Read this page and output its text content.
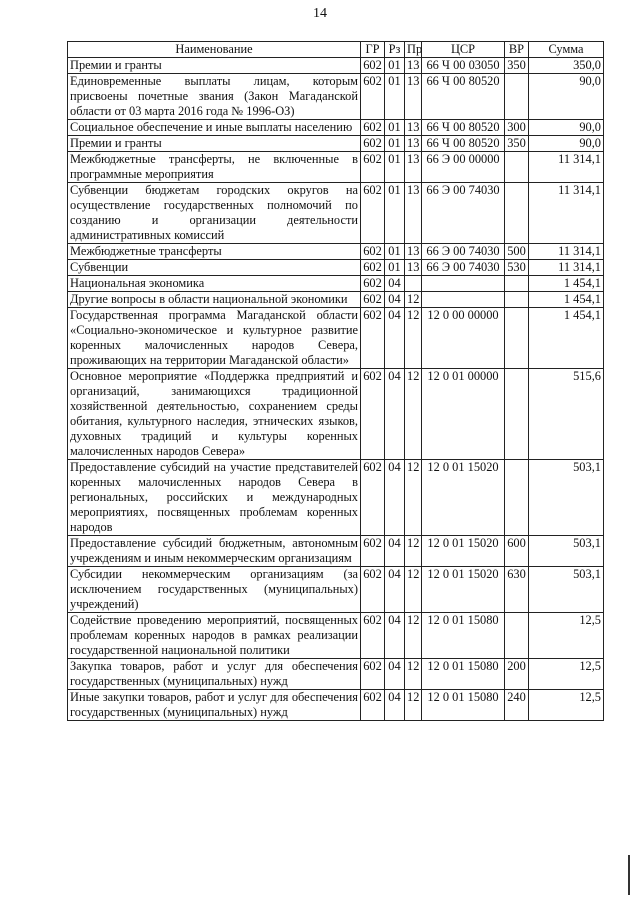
14
Наименование	ГР	Рз	Пр	ЦСР	ВР	Сумма
Премии и гранты	602	01	13	66 Ч 00 03050	350	350,0
Единовременные выплаты лицам, которым присвоены почетные звания (Закон Магаданской области от 03 марта 2016 года № 1996-ОЗ)	602	01	13	66 Ч 00 80520		90,0
Социальное обеспечение и иные выплаты населению	602	01	13	66 Ч 00 80520	300	90,0
Премии и гранты	602	01	13	66 Ч 00 80520	350	90,0
Межбюджетные трансферты, не включенные в программные мероприятия	602	01	13	66 Э 00 00000		11 314,1
Субвенции бюджетам городских округов на осуществление государственных полномочий по созданию и организации деятельности административных комиссий	602	01	13	66 Э 00 74030		11 314,1
Межбюджетные трансферты	602	01	13	66 Э 00 74030	500	11 314,1
Субвенции	602	01	13	66 Э 00 74030	530	11 314,1
Национальная экономика	602	04				1 454,1
Другие вопросы в области национальной экономики	602	04	12			1 454,1
Государственная программа Магаданской области «Социально-экономическое и культурное развитие коренных малочисленных народов Севера, проживающих на территории Магаданской области»	602	04	12	12 0 00 00000		1 454,1
Основное мероприятие «Поддержка предприятий и организаций, занимающихся традиционной хозяйственной деятельностью, сохранением среды обитания, культурного наследия, этнических языков, духовных традиций и культуры коренных малочисленных народов Севера»	602	04	12	12 0 01 00000		515,6
Предоставление субсидий на участие представителей коренных малочисленных народов Севера в региональных, российских и международных мероприятиях, посвященных проблемам коренных народов	602	04	12	12 0 01 15020		503,1
Предоставление субсидий бюджетным, автономным учреждениям и иным некоммерческим организациям	602	04	12	12 0 01 15020	600	503,1
Субсидии некоммерческим организациям (за исключением государственных (муниципальных) учреждений)	602	04	12	12 0 01 15020	630	503,1
Содействие проведению мероприятий, посвященных проблемам коренных народов в рамках реализации государственной национальной политики	602	04	12	12 0 01 15080		12,5
Закупка товаров, работ и услуг для обеспечения государственных (муниципальных) нужд	602	04	12	12 0 01 15080	200	12,5
Иные закупки товаров, работ и услуг для обеспечения государственных (муниципальных) нужд	602	04	12	12 0 01 15080	240	12,5
